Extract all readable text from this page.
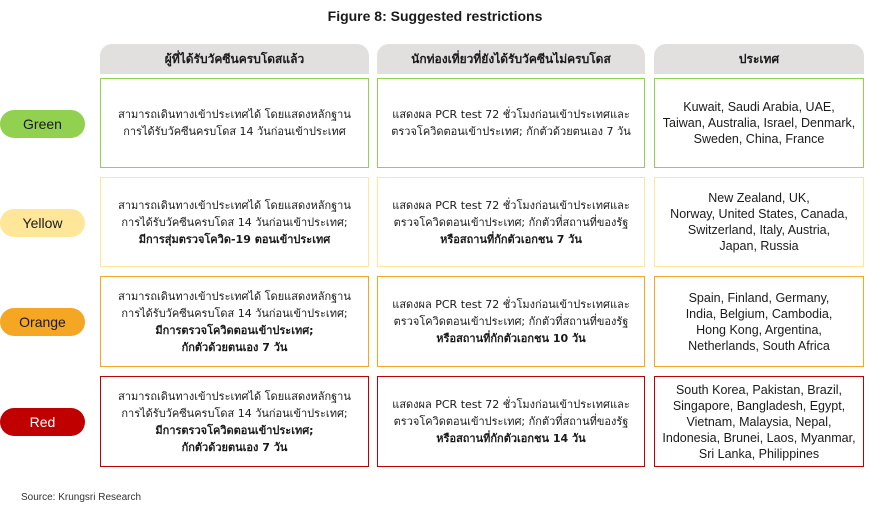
Figure 8: Suggested restrictions
ผู้ที่ได้รับวัคซีนครบโดสแล้ว	นักท่องเที่ยวที่ยังได้รับวัคซีนไม่ครบโดส	ประเทศ
Green
สามารถเดินทางเข้าประเทศได้ โดยแสดงหลักฐาน
การได้รับวัคซีนครบโดส 14 วันก่อนเข้าประเทศ
แสดงผล PCR test 72 ชั่วโมงก่อนเข้าประเทศและ
ตรวจโควิดตอนเข้าประเทศ; กักตัวด้วยตนเอง 7 วัน
Kuwait, Saudi Arabia, UAE,
Taiwan, Australia, Israel, Denmark,
Sweden, China, France
Yellow
สามารถเดินทางเข้าประเทศได้ โดยแสดงหลักฐาน
การได้รับวัคซีนครบโดส 14 วันก่อนเข้าประเทศ;
มีการสุ่มตรวจโควิด-19 ตอนเข้าประเทศ
แสดงผล PCR test 72 ชั่วโมงก่อนเข้าประเทศและ
ตรวจโควิดตอนเข้าประเทศ; กักตัวที่สถานที่ของรัฐ
หรือสถานที่กักตัวเอกชน 7 วัน
New Zealand, UK,
Norway, United States, Canada,
Switzerland, Italy, Austria,
Japan, Russia
Orange
สามารถเดินทางเข้าประเทศได้ โดยแสดงหลักฐาน
การได้รับวัคซีนครบโดส 14 วันก่อนเข้าประเทศ;
มีการตรวจโควิดตอนเข้าประเทศ;
กักตัวด้วยตนเอง 7 วัน
แสดงผล PCR test 72 ชั่วโมงก่อนเข้าประเทศและ
ตรวจโควิดตอนเข้าประเทศ; กักตัวที่สถานที่ของรัฐ
หรือสถานที่กักตัวเอกชน 10 วัน
Spain, Finland, Germany,
India, Belgium, Cambodia,
Hong Kong, Argentina,
Netherlands, South Africa
Red
สามารถเดินทางเข้าประเทศได้ โดยแสดงหลักฐาน
การได้รับวัคซีนครบโดส 14 วันก่อนเข้าประเทศ;
มีการตรวจโควิดตอนเข้าประเทศ;
กักตัวด้วยตนเอง 7 วัน
แสดงผล PCR test 72 ชั่วโมงก่อนเข้าประเทศและ
ตรวจโควิดตอนเข้าประเทศ; กักตัวที่สถานที่ของรัฐ
หรือสถานที่กักตัวเอกชน 14 วัน
South Korea, Pakistan, Brazil,
Singapore, Bangladesh, Egypt,
Vietnam, Malaysia, Nepal,
Indonesia, Brunei, Laos, Myanmar,
Sri Lanka, Philippines
Source: Krungsri Research
